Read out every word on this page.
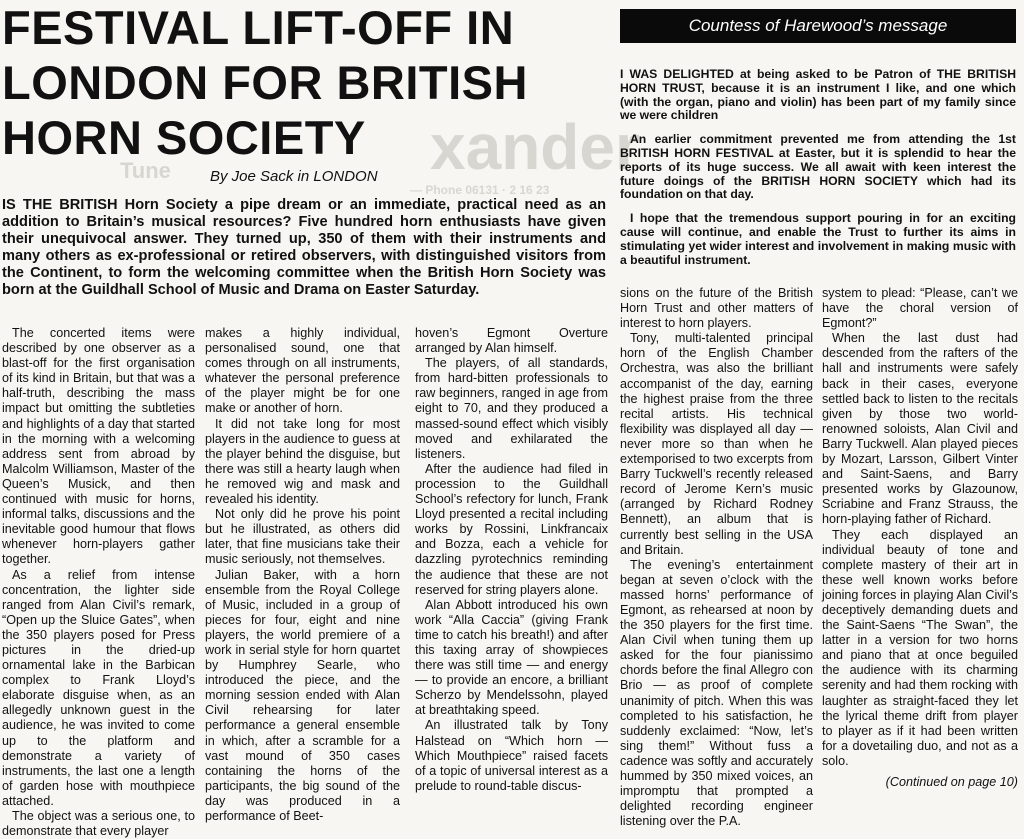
xander
Tune
— Phone 06131 · 2 16 23
FESTIVAL LIFT-OFF IN LONDON FOR BRITISH HORN SOCIETY
By Joe Sack in LONDON

IS THE BRITISH Horn Society a pipe dream or an immediate, practical need as an addition to Britain’s musical resources? Five hundred horn enthusiasts have given their unequivocal answer. They turned up, 350 of them with their instruments and many others as ex-professional or retired observers, with distinguished visitors from the Continent, to form the welcoming committee when the British Horn Society was born at the Guildhall School of Music and Drama on Easter Saturday.

The concerted items were described by one observer as a blast-off for the first organisation of its kind in Britain, but that was a half-truth, describing the mass impact but omitting the subtleties and highlights of a day that started in the morning with a welcoming address sent from abroad by Malcolm Williamson, Master of the Queen’s Musick, and then continued with music for horns, informal talks, discussions and the inevitable good humour that flows whenever horn-players gather together.

As a relief from intense concentration, the lighter side ranged from Alan Civil’s remark, “Open up the Sluice Gates”, when the 350 players posed for Press pictures in the dried-up ornamental lake in the Barbican complex to Frank Lloyd’s elaborate disguise when, as an allegedly unknown guest in the audience, he was invited to come up to the platform and demonstrate a variety of instruments, the last one a length of garden hose with mouthpiece attached.

The object was a serious one, to demonstrate that every player

makes a highly individual, personalised sound, one that comes through on all instruments, whatever the personal preference of the player might be for one make or another of horn.

It did not take long for most players in the audience to guess at the player behind the disguise, but there was still a hearty laugh when he removed wig and mask and revealed his identity.

Not only did he prove his point but he illustrated, as others did later, that fine musicians take their music seriously, not themselves.

Julian Baker, with a horn ensemble from the Royal College of Music, included in a group of pieces for four, eight and nine players, the world premiere of a work in serial style for horn quartet by Humphrey Searle, who introduced the piece, and the morning session ended with Alan Civil rehearsing for later performance a general ensemble in which, after a scramble for a vast mound of 350 cases containing the horns of the participants, the big sound of the day was produced in a performance of Beet-

hoven’s Egmont Overture arranged by Alan himself.

The players, of all standards, from hard-bitten professionals to raw beginners, ranged in age from eight to 70, and they produced a massed-sound effect which visibly moved and exhilarated the listeners.

After the audience had filed in procession to the Guildhall School’s refectory for lunch, Frank Lloyd presented a recital including works by Rossini, Linkfrancaix and Bozza, each a vehicle for dazzling pyrotechnics reminding the audience that these are not reserved for string players alone.

Alan Abbott introduced his own work “Alla Caccia” (giving Frank time to catch his breath!) and after this taxing array of showpieces there was still time — and energy — to provide an encore, a brilliant Scherzo by Mendelssohn, played at breathtaking speed.

An illustrated talk by Tony Halstead on “Which horn — Which Mouthpiece” raised facets of a topic of universal interest as a prelude to round-table discus-

Countess of Harewood’s message

I WAS DELIGHTED at being asked to be Patron of THE BRITISH HORN TRUST, because it is an instrument I like, and one which (with the organ, piano and violin) has been part of my family since we were children

An earlier commitment prevented me from attending the 1st BRITISH HORN FESTIVAL at Easter, but it is splendid to hear the reports of its huge success. We all await with keen interest the future doings of the BRITISH HORN SOCIETY which had its foundation on that day.

I hope that the tremendous support pouring in for an exciting cause will continue, and enable the Trust to further its aims in stimulating yet wider interest and involvement in making music with a beautiful instrument.

sions on the future of the British Horn Trust and other matters of interest to horn players.

Tony, multi-talented principal horn of the English Chamber Orchestra, was also the brilliant accompanist of the day, earning the highest praise from the three recital artists. His technical flexibility was displayed all day — never more so than when he extemporised to two excerpts from Barry Tuckwell’s recently released record of Jerome Kern’s music (arranged by Richard Rodney Bennett), an album that is currently best selling in the USA and Britain.

The evening’s entertainment began at seven o’clock with the massed horns’ performance of Egmont, as rehearsed at noon by the 350 players for the first time. Alan Civil when tuning them up asked for the four pianissimo chords before the final Allegro con Brio — as proof of complete unanimity of pitch. When this was completed to his satisfaction, he suddenly exclaimed: “Now, let’s sing them!” Without fuss a cadence was softly and accurately hummed by 350 mixed voices, an impromptu that prompted a delighted recording engineer listening over the P.A.

system to plead: “Please, can’t we have the choral version of Egmont?”

When the last dust had descended from the rafters of the hall and instruments were safely back in their cases, everyone settled back to listen to the recitals given by those two world-renowned soloists, Alan Civil and Barry Tuckwell. Alan played pieces by Mozart, Larsson, Gilbert Vinter and Saint-Saens, and Barry presented works by Glazounow, Scriabine and Franz Strauss, the horn-playing father of Richard.

They each displayed an individual beauty of tone and complete mastery of their art in these well known works before joining forces in playing Alan Civil’s deceptively demanding duets and the Saint-Saens “The Swan”, the latter in a version for two horns and piano that at once beguiled the audience with its charming serenity and had them rocking with laughter as straight-faced they let the lyrical theme drift from player to player as if it had been written for a dovetailing duo, and not as a solo.

(Continued on page 10)
